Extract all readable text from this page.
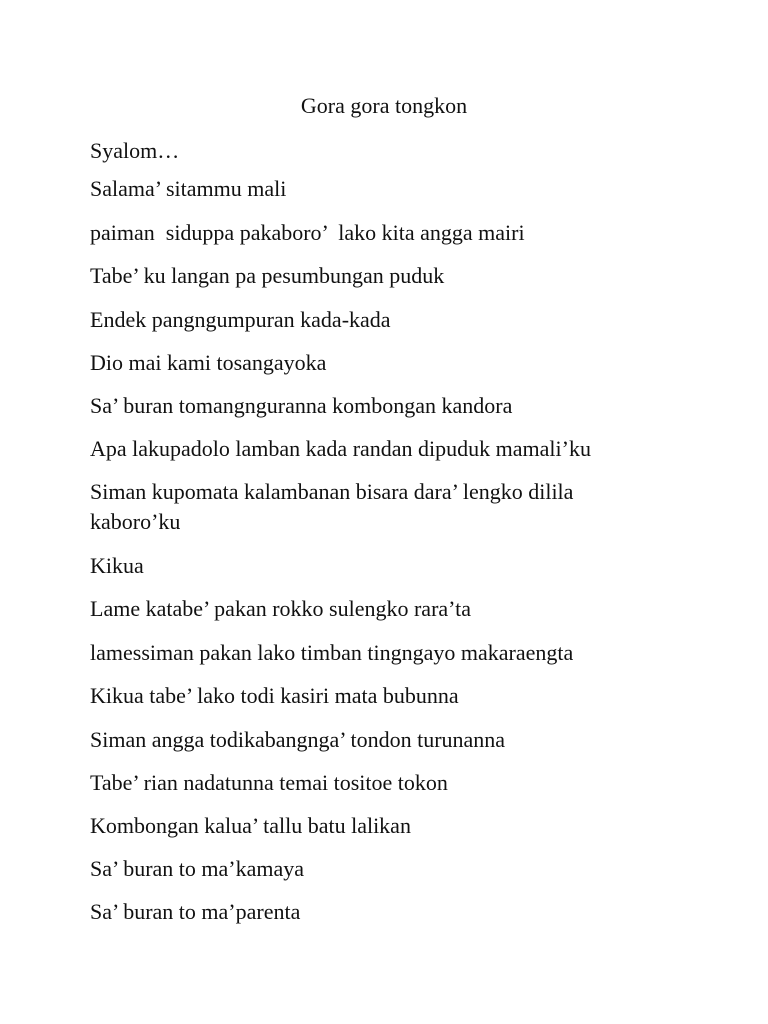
Gora gora tongkon
Syalom…
Salama’ sitammu mali
paiman  siduppa pakaboro’  lako kita angga mairi
Tabe’ ku langan pa pesumbungan puduk
Endek pangngumpuran kada-kada
Dio mai kami tosangayoka
Sa’ buran tomangnguranna kombongan kandora
Apa lakupadolo lamban kada randan dipuduk mamali’ku
Siman kupomata kalambanan bisara dara’ lengko dilila kaboro’ku
Kikua
Lame katabe’ pakan rokko sulengko rara’ta
lamessiman pakan lako timban tingngayo makaraengta
Kikua tabe’ lako todi kasiri mata bubunna
Siman angga todikabangnga’ tondon turunanna
Tabe’ rian nadatunna temai tositoe tokon
Kombongan kalua’ tallu batu lalikan
Sa’ buran to ma’kamaya
Sa’ buran to ma’parenta
